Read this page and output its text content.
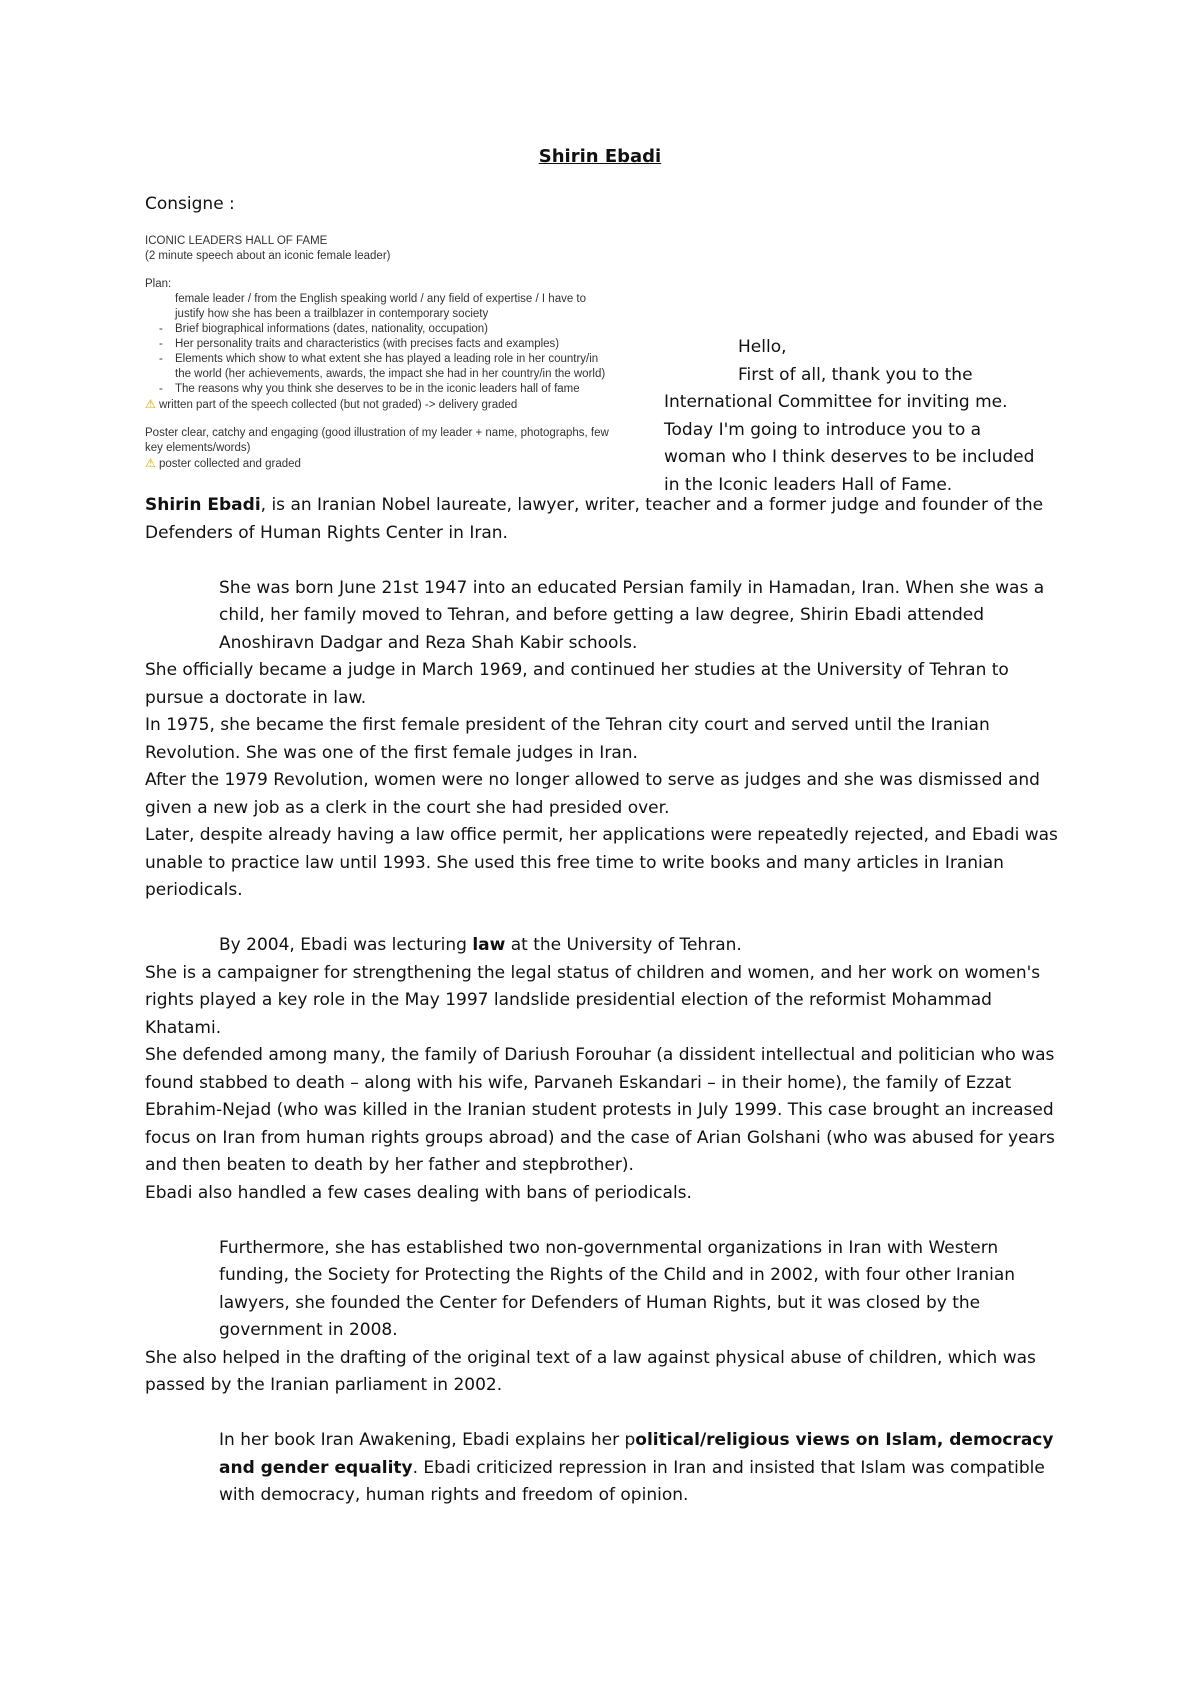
Shirin Ebadi
Consigne :
ICONIC LEADERS HALL OF FAME
(2 minute speech about an iconic female leader)
Plan:
female leader / from the English speaking world / any field of expertise / I have to
justify how she has been a trailblazer in contemporary society
- Brief biographical informations (dates, nationality, occupation)
- Her personality traits and characteristics (with precises facts and examples)
- Elements which show to what extent she has played a leading role in her country/in
the world (her achievements, awards, the impact she had in her country/in the world)
- The reasons why you think she deserves to be in the iconic leaders hall of fame
⚠ written part of the speech collected (but not graded) -> delivery graded
Poster clear, catchy and engaging (good illustration of my leader + name, photographs, few
key elements/words)
⚠ poster collected and graded
Hello,
First of all, thank you to the
International Committee for inviting me.
Today I'm going to introduce you to a
woman who I think deserves to be included
in the Iconic leaders Hall of Fame.

Shirin Ebadi, is an Iranian Nobel laureate, lawyer, writer, teacher and a former judge and founder of the Defenders of Human Rights Center in Iran.

She was born June 21st 1947 into an educated Persian family in Hamadan, Iran. When she was a child, her family moved to Tehran, and before getting a law degree, Shirin Ebadi attended Anoshiravn Dadgar and Reza Shah Kabir schools.

She officially became a judge in March 1969, and continued her studies at the University of Tehran to pursue a doctorate in law.

In 1975, she became the first female president of the Tehran city court and served until the Iranian Revolution. She was one of the first female judges in Iran.

After the 1979 Revolution, women were no longer allowed to serve as judges and she was dismissed and given a new job as a clerk in the court she had presided over.

Later, despite already having a law office permit, her applications were repeatedly rejected, and Ebadi was unable to practice law until 1993. She used this free time to write books and many articles in Iranian periodicals.

By 2004, Ebadi was lecturing law at the University of Tehran.

She is a campaigner for strengthening the legal status of children and women, and her work on women's rights played a key role in the May 1997 landslide presidential election of the reformist Mohammad Khatami.

She defended among many, the family of Dariush Forouhar (a dissident intellectual and politician who was found stabbed to death – along with his wife, Parvaneh Eskandari – in their home), the family of Ezzat Ebrahim-Nejad (who was killed in the Iranian student protests in July 1999. This case brought an increased focus on Iran from human rights groups abroad) and the case of Arian Golshani (who was abused for years and then beaten to death by her father and stepbrother).

Ebadi also handled a few cases dealing with bans of periodicals.

Furthermore, she has established two non-governmental organizations in Iran with Western funding, the Society for Protecting the Rights of the Child and in 2002, with four other Iranian lawyers, she founded the Center for Defenders of Human Rights, but it was closed by the government in 2008.

She also helped in the drafting of the original text of a law against physical abuse of children, which was passed by the Iranian parliament in 2002.

In her book Iran Awakening, Ebadi explains her political/religious views on Islam, democracy and gender equality. Ebadi criticized repression in Iran and insisted that Islam was compatible with democracy, human rights and freedom of opinion.
